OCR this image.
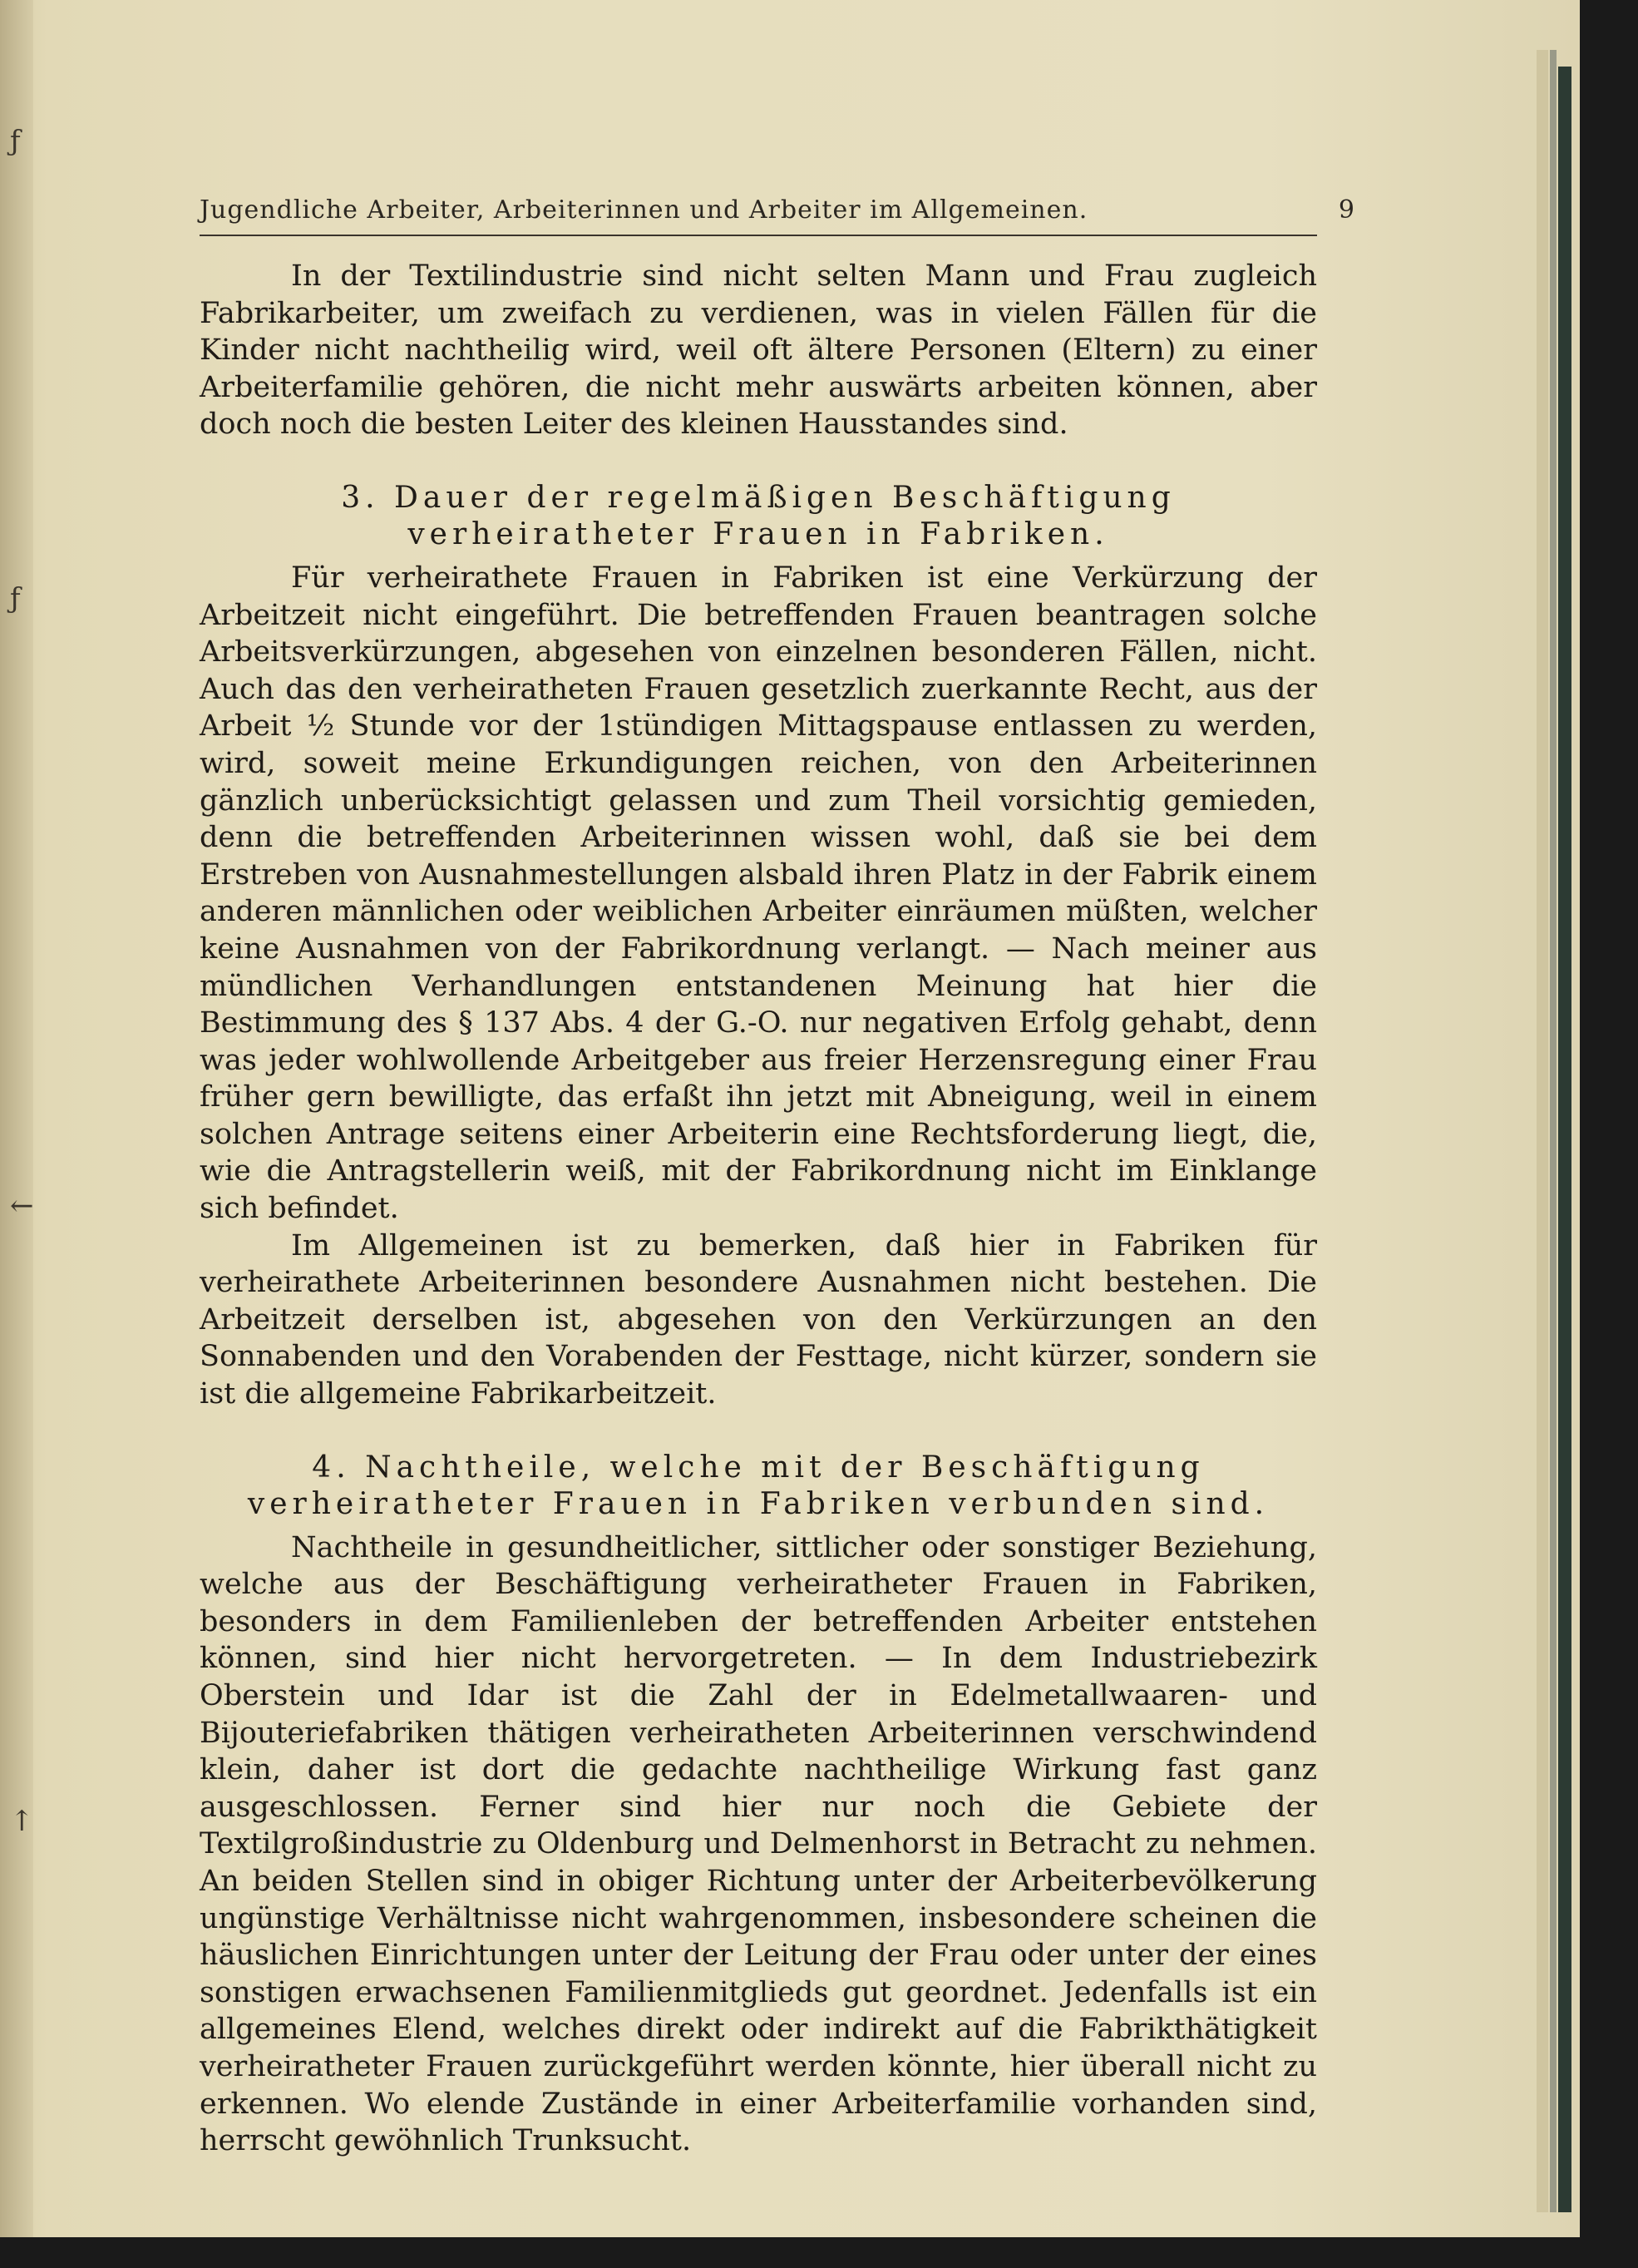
ƒ
ƒ
←
↑
Jugendliche Arbeiter, Arbeiterinnen und Arbeiter im Allgemeinen.	9

In der Textilindustrie sind nicht selten Mann und Frau zugleich Fabrikarbeiter, um zweifach zu verdienen, was in vielen Fällen für die Kinder nicht nachtheilig wird, weil oft ältere Personen (Eltern) zu einer Arbeiterfamilie gehören, die nicht mehr auswärts arbeiten können, aber doch noch die besten Leiter des kleinen Hausstandes sind.

3. Dauer der regelmäßigen Beschäftigung verheiratheter Frauen in Fabriken.

Für verheirathete Frauen in Fabriken ist eine Verkürzung der Arbeitzeit nicht eingeführt. Die betreffenden Frauen beantragen solche Arbeitsverkürzungen, abgesehen von einzelnen besonderen Fällen, nicht. Auch das den verheiratheten Frauen gesetzlich zuerkannte Recht, aus der Arbeit ½ Stunde vor der 1stündigen Mittagspause entlassen zu werden, wird, soweit meine Erkundigungen reichen, von den Arbeiterinnen gänzlich unberücksichtigt gelassen und zum Theil vorsichtig gemieden, denn die betreffenden Arbeiterinnen wissen wohl, daß sie bei dem Erstreben von Ausnahmestellungen alsbald ihren Platz in der Fabrik einem anderen männlichen oder weiblichen Arbeiter einräumen müßten, welcher keine Ausnahmen von der Fabrikordnung verlangt. — Nach meiner aus mündlichen Verhandlungen entstandenen Meinung hat hier die Bestimmung des § 137 Abs. 4 der G.-O. nur negativen Erfolg gehabt, denn was jeder wohlwollende Arbeitgeber aus freier Herzensregung einer Frau früher gern bewilligte, das erfaßt ihn jetzt mit Abneigung, weil in einem solchen Antrage seitens einer Arbeiterin eine Rechtsforderung liegt, die, wie die Antragstellerin weiß, mit der Fabrikordnung nicht im Einklange sich befindet.

Im Allgemeinen ist zu bemerken, daß hier in Fabriken für verheirathete Arbeiterinnen besondere Ausnahmen nicht bestehen. Die Arbeitzeit derselben ist, abgesehen von den Verkürzungen an den Sonnabenden und den Vorabenden der Festtage, nicht kürzer, sondern sie ist die allgemeine Fabrikarbeitzeit.

4. Nachtheile, welche mit der Beschäftigung verheiratheter Frauen in Fabriken verbunden sind.

Nachtheile in gesundheitlicher, sittlicher oder sonstiger Beziehung, welche aus der Beschäftigung verheiratheter Frauen in Fabriken, besonders in dem Familienleben der betreffenden Arbeiter entstehen können, sind hier nicht hervorgetreten. — In dem Industriebezirk Oberstein und Idar ist die Zahl der in Edelmetallwaaren- und Bijouteriefabriken thätigen verheiratheten Arbeiterinnen verschwindend klein, daher ist dort die gedachte nachtheilige Wirkung fast ganz ausgeschlossen. Ferner sind hier nur noch die Gebiete der Textilgroßindustrie zu Oldenburg und Delmenhorst in Betracht zu nehmen. An beiden Stellen sind in obiger Richtung unter der Arbeiterbevölkerung ungünstige Verhältnisse nicht wahrgenommen, insbesondere scheinen die häuslichen Einrichtungen unter der Leitung der Frau oder unter der eines sonstigen erwachsenen Familienmitglieds gut geordnet. Jedenfalls ist ein allgemeines Elend, welches direkt oder indirekt auf die Fabrikthätigkeit verheiratheter Frauen zurückgeführt werden könnte, hier überall nicht zu erkennen. Wo elende Zustände in einer Arbeiterfamilie vorhanden sind, herrscht gewöhnlich Trunksucht.
